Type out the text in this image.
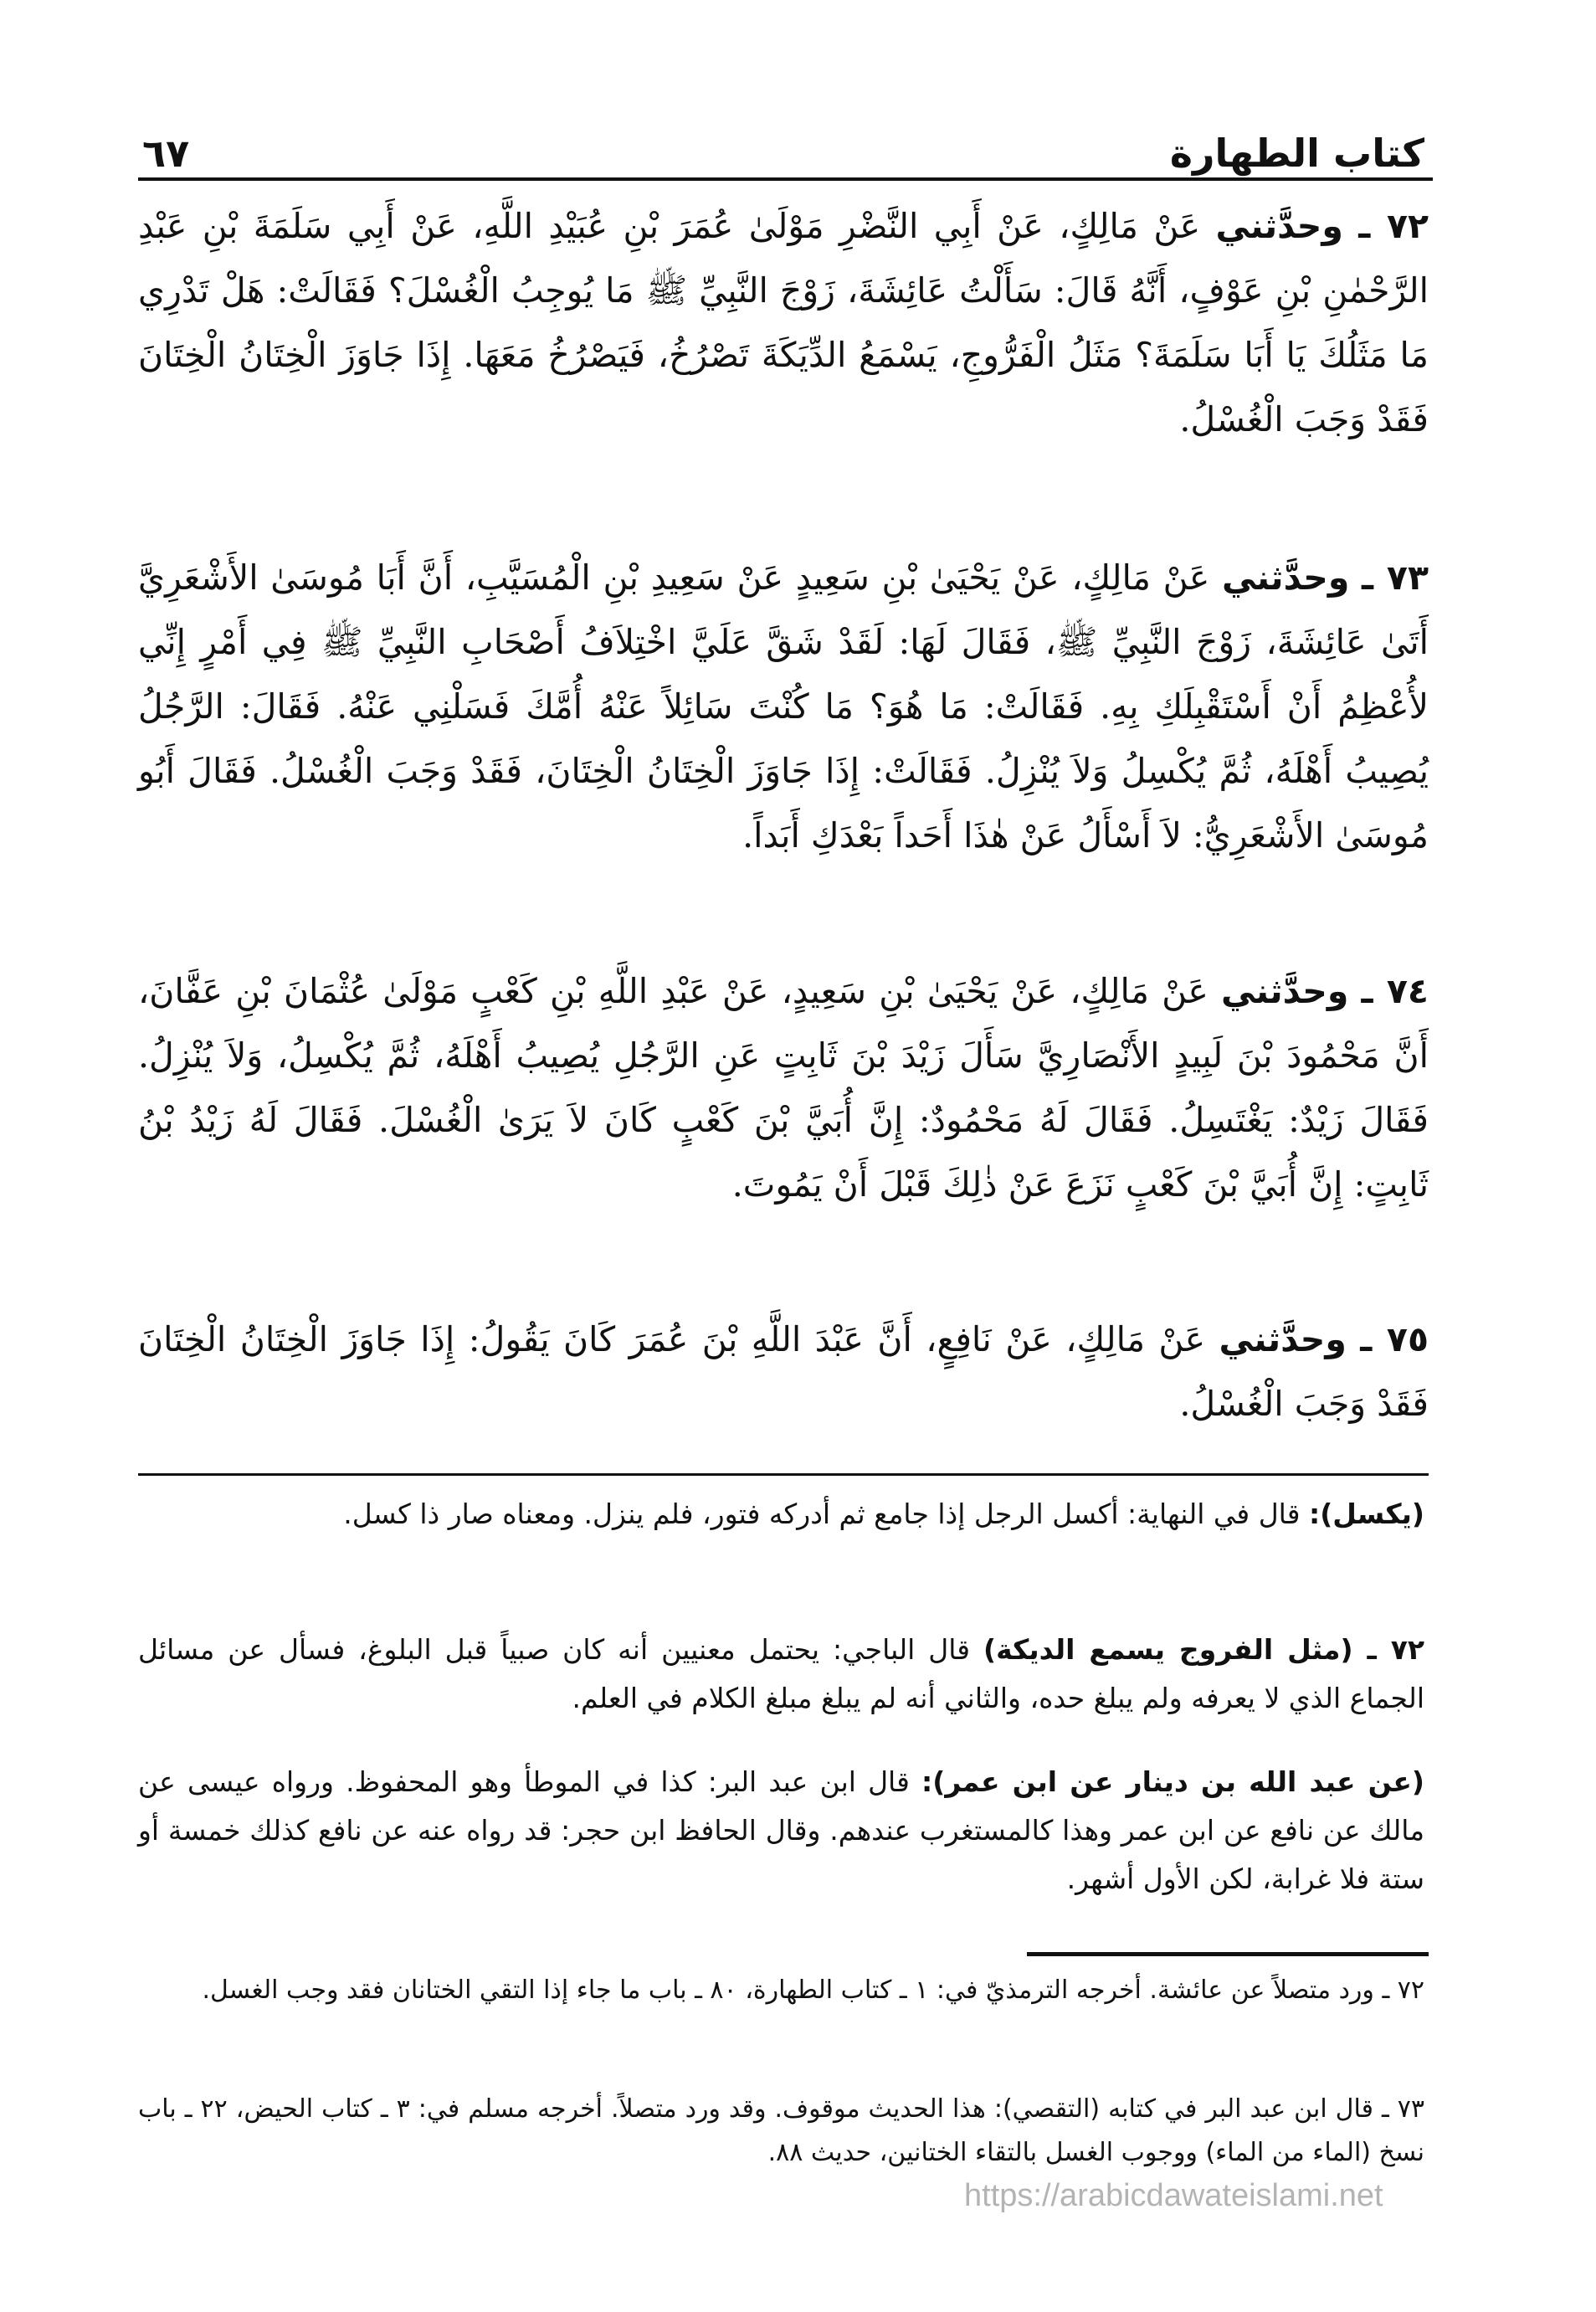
كتاب الطهارة
٦٧

٧٢ ـ وحدَّثني عَنْ مَالِكٍ، عَنْ أَبِي النَّضْرِ مَوْلَىٰ عُمَرَ بْنِ عُبَيْدِ اللَّهِ، عَنْ أَبِي سَلَمَةَ بْنِ عَبْدِ الرَّحْمٰنِ بْنِ عَوْفٍ، أَنَّهُ قَالَ: سَأَلْتُ عَائِشَةَ، زَوْجَ النَّبِيِّ ﷺ مَا يُوجِبُ الْغُسْلَ؟ فَقَالَتْ: هَلْ تَدْرِي مَا مَثَلُكَ يَا أَبَا سَلَمَةَ؟ مَثَلُ الْفَرُّوجِ، يَسْمَعُ الدِّيَكَةَ تَصْرُخُ، فَيَصْرُخُ مَعَهَا. إِذَا جَاوَزَ الْخِتَانُ الْخِتَانَ فَقَدْ وَجَبَ الْغُسْلُ.

٧٣ ـ وحدَّثني عَنْ مَالِكٍ، عَنْ يَحْيَىٰ بْنِ سَعِيدٍ عَنْ سَعِيدِ بْنِ الْمُسَيَّبِ، أَنَّ أَبَا مُوسَىٰ الأَشْعَرِيَّ أَتَىٰ عَائِشَةَ، زَوْجَ النَّبِيِّ ﷺ، فَقَالَ لَهَا: لَقَدْ شَقَّ عَلَيَّ اخْتِلاَفُ أَصْحَابِ النَّبِيِّ ﷺ فِي أَمْرٍ إِنِّي لأُعْظِمُ أَنْ أَسْتَقْبِلَكِ بِهِ. فَقَالَتْ: مَا هُوَ؟ مَا كُنْتَ سَائِلاً عَنْهُ أُمَّكَ فَسَلْنِي عَنْهُ. فَقَالَ: الرَّجُلُ يُصِيبُ أَهْلَهُ، ثُمَّ يُكْسِلُ وَلاَ يُنْزِلُ. فَقَالَتْ: إِذَا جَاوَزَ الْخِتَانُ الْخِتَانَ، فَقَدْ وَجَبَ الْغُسْلُ. فَقَالَ أَبُو مُوسَىٰ الأَشْعَرِيُّ: لاَ أَسْأَلُ عَنْ هٰذَا أَحَداً بَعْدَكِ أَبَداً.

٧٤ ـ وحدَّثني عَنْ مَالِكٍ، عَنْ يَحْيَىٰ بْنِ سَعِيدٍ، عَنْ عَبْدِ اللَّهِ بْنِ كَعْبٍ مَوْلَىٰ عُثْمَانَ بْنِ عَفَّانَ، أَنَّ مَحْمُودَ بْنَ لَبِيدٍ الأَنْصَارِيَّ سَأَلَ زَيْدَ بْنَ ثَابِتٍ عَنِ الرَّجُلِ يُصِيبُ أَهْلَهُ، ثُمَّ يُكْسِلُ، وَلاَ يُنْزِلُ. فَقَالَ زَيْدٌ: يَغْتَسِلُ. فَقَالَ لَهُ مَحْمُودٌ: إِنَّ أُبَيَّ بْنَ كَعْبٍ كَانَ لاَ يَرَىٰ الْغُسْلَ. فَقَالَ لَهُ زَيْدُ بْنُ ثَابِتٍ: إِنَّ أُبَيَّ بْنَ كَعْبٍ نَزَعَ عَنْ ذٰلِكَ قَبْلَ أَنْ يَمُوتَ.

٧٥ ـ وحدَّثني عَنْ مَالِكٍ، عَنْ نَافِعٍ، أَنَّ عَبْدَ اللَّهِ بْنَ عُمَرَ كَانَ يَقُولُ: إِذَا جَاوَزَ الْخِتَانُ الْخِتَانَ فَقَدْ وَجَبَ الْغُسْلُ.

(يكسل): قال في النهاية: أكسل الرجل إذا جامع ثم أدركه فتور، فلم ينزل. ومعناه صار ذا كسل.

٧٢ ـ (مثل الفروج يسمع الديكة) قال الباجي: يحتمل معنيين أنه كان صبياً قبل البلوغ، فسأل عن مسائل الجماع الذي لا يعرفه ولم يبلغ حده، والثاني أنه لم يبلغ مبلغ الكلام في العلم.

(عن عبد الله بن دينار عن ابن عمر): قال ابن عبد البر: كذا في الموطأ وهو المحفوظ. ورواه عيسى عن مالك عن نافع عن ابن عمر وهذا كالمستغرب عندهم. وقال الحافظ ابن حجر: قد رواه عنه عن نافع كذلك خمسة أو ستة فلا غرابة، لكن الأول أشهر.

٧٢ ـ ورد متصلاً عن عائشة. أخرجه الترمذيّ في: ١ ـ كتاب الطهارة، ٨٠ ـ باب ما جاء إذا التقي الختانان فقد وجب الغسل.

٧٣ ـ قال ابن عبد البر في كتابه (التقصي): هذا الحديث موقوف. وقد ورد متصلاً. أخرجه مسلم في: ٣ ـ كتاب الحيض، ٢٢ ـ باب نسخ (الماء من الماء) ووجوب الغسل بالتقاء الختانين، حديث ٨٨.

https://arabicdawateislami.net
